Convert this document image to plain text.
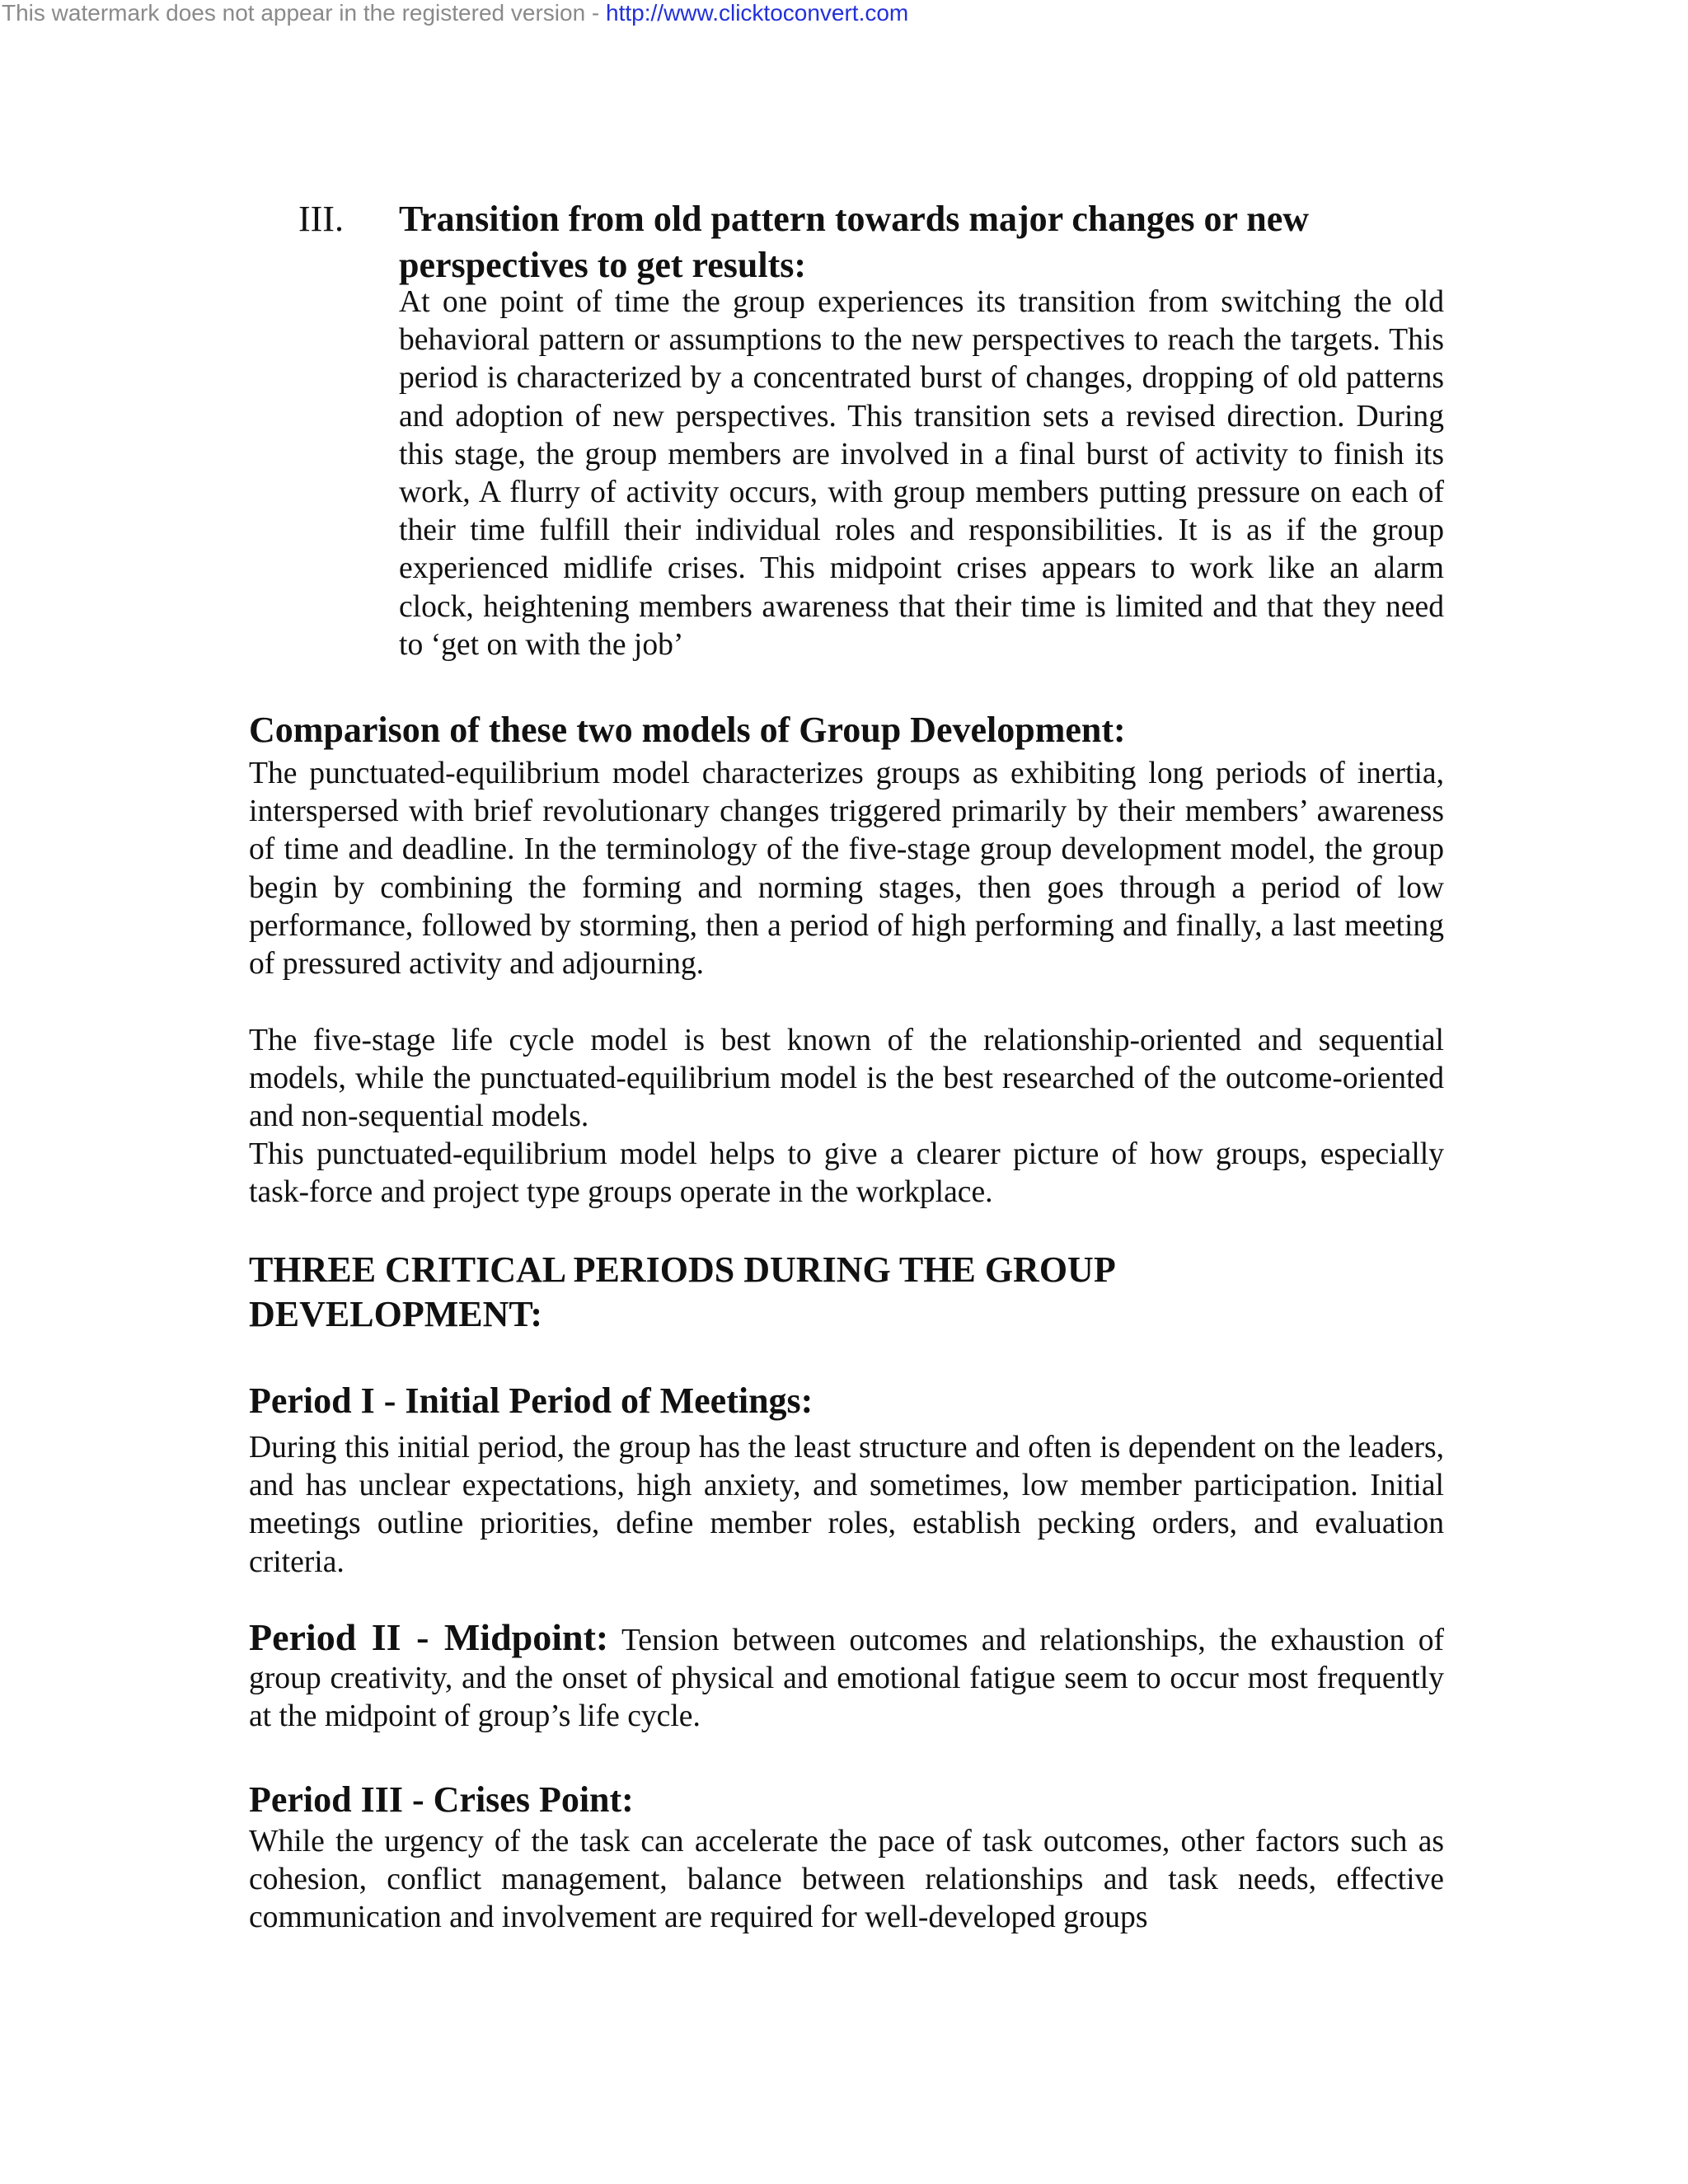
This watermark does not appear in the registered version - http://www.clicktoconvert.com
III. Transition from old pattern towards major changes or new perspectives to get results:

At one point of time the group experiences its transition from switching the old behavioral pattern or assumptions to the new perspectives to reach the targets. This period is characterized by a concentrated burst of changes, dropping of old patterns and adoption of new perspectives. This transition sets a revised direction. During this stage, the group members are involved in a final burst of activity to finish its work, A flurry of activity occurs, with group members putting pressure on each of their time fulfill their individual roles and responsibilities. It is as if the group experienced midlife crises. This midpoint crises appears to work like an alarm clock, heightening members awareness that their time is limited and that they need to ‘get on with the job’

Comparison of these two models of Group Development:

The punctuated-equilibrium model characterizes groups as exhibiting long periods of inertia, interspersed with brief revolutionary changes triggered primarily by their members’ awareness of time and deadline. In the terminology of the five-stage group development model, the group begin by combining the forming and norming stages, then goes through a period of low performance, followed by storming, then a period of high performing and finally, a last meeting of pressured activity and adjourning.

The five-stage life cycle model is best known of the relationship-oriented and sequential models, while the punctuated-equilibrium model is the best researched of the outcome-oriented and non-sequential models.

This punctuated-equilibrium model helps to give a clearer picture of how groups, especially task-force and project type groups operate in the workplace.

THREE CRITICAL PERIODS DURING THE GROUP DEVELOPMENT:
Period I - Initial Period of Meetings:

During this initial period, the group has the least structure and often is dependent on the leaders, and has unclear expectations, high anxiety, and sometimes, low member participation. Initial meetings outline priorities, define member roles, establish pecking orders, and evaluation criteria.

Period II - Midpoint: Tension between outcomes and relationships, the exhaustion of group creativity, and the onset of physical and emotional fatigue seem to occur most frequently at the midpoint of group’s life cycle.

Period III - Crises Point:

While the urgency of the task can accelerate the pace of task outcomes, other factors such as cohesion, conflict management, balance between relationships and task needs, effective communication and involvement are required for well-developed groups
